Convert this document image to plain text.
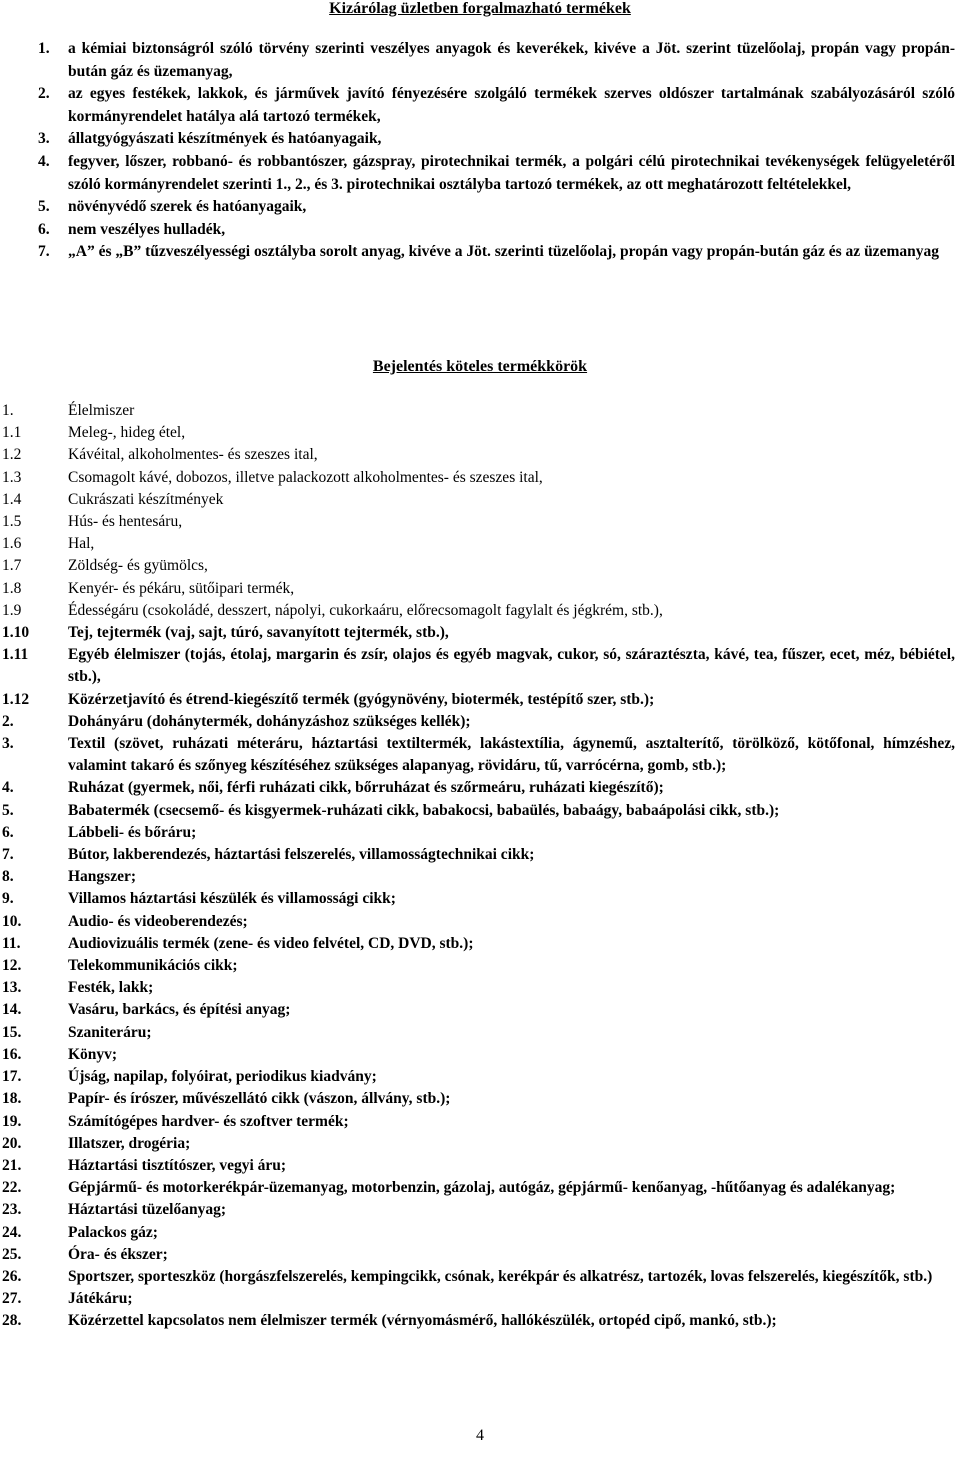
Kizárólag üzletben forgalmazható termékek
1.	a kémiai biztonságról szóló törvény szerinti veszélyes anyagok és keverékek, kivéve a Jöt. szerint tüzelőolaj, propán vagy propán-bután gáz és üzemanyag,
2.	az egyes festékek, lakkok, és járművek javító fényezésére szolgáló termékek szerves oldószer tartalmának szabályozásáról szóló kormányrendelet hatálya alá tartozó termékek,
3.	állatgyógyászati készítmények és hatóanyagaik,
4.	fegyver, lőszer, robbanó- és robbantószer, gázspray, pirotechnikai termék, a polgári célú pirotechnikai tevékenységek felügyeletéről szóló kormányrendelet szerinti 1., 2., és 3. pirotechnikai osztályba tartozó termékek, az ott meghatározott feltételekkel,
5.	növényvédő szerek és hatóanyagaik,
6.	nem veszélyes hulladék,
7.	„A” és „B” tűzveszélyességi osztályba sorolt anyag, kivéve a Jöt. szerinti tüzelőolaj, propán vagy propán-bután gáz és az üzemanyag
Bejelentés köteles termékkörök
1.	Élelmiszer
1.1	Meleg-, hideg étel,
1.2	Kávéital, alkoholmentes- és szeszes ital,
1.3	Csomagolt kávé, dobozos, illetve palackozott alkoholmentes- és szeszes ital,
1.4	Cukrászati készítmények
1.5	Hús- és hentesáru,
1.6	Hal,
1.7	Zöldség- és gyümölcs,
1.8	Kenyér- és pékáru, sütőipari termék,
1.9	Édességáru (csokoládé, desszert, nápolyi, cukorkaáru, előrecsomagolt fagylalt és jégkrém, stb.),
1.10	Tej, tejtermék (vaj, sajt, túró, savanyított tejtermék, stb.),
1.11	Egyéb élelmiszer (tojás, étolaj, margarin és zsír, olajos és egyéb magvak, cukor, só, száraztészta, kávé, tea, fűszer, ecet, méz, bébiétel, stb.),
1.12	Közérzetjavító és étrend-kiegészítő termék (gyógynövény, biotermék, testépítő szer, stb.);
2.	Dohányáru (dohánytermék, dohányzáshoz szükséges kellék);
3.	Textil (szövet, ruházati méteráru, háztartási textiltermék, lakástextília, ágynemű, asztalterítő, törölköző, kötőfonal, hímzéshez, valamint takaró és szőnyeg készítéséhez szükséges alapanyag, rövidáru, tű, varrócérna, gomb, stb.);
4.	Ruházat (gyermek, női, férfi ruházati cikk, bőrruházat és szőrmeáru, ruházati kiegészítő);
5.	Babatermék (csecsemő- és kisgyermek-ruházati cikk, babakocsi, babaülés, babaágy, babaápolási cikk, stb.);
6.	Lábbeli- és bőráru;
7.	Bútor, lakberendezés, háztartási felszerelés, villamosságtechnikai cikk;
8.	Hangszer;
9.	Villamos háztartási készülék és villamossági cikk;
10.	Audio- és videoberendezés;
11.	Audiovizuális termék (zene- és video felvétel, CD, DVD, stb.);
12.	Telekommunikációs cikk;
13.	Festék, lakk;
14.	Vasáru, barkács, és építési anyag;
15.	Szaniteráru;
16.	Könyv;
17.	Újság, napilap, folyóirat, periodikus kiadvány;
18.	Papír- és írószer, művészellátó cikk (vászon, állvány, stb.);
19.	Számítógépes hardver- és szoftver termék;
20.	Illatszer, drogéria;
21.	Háztartási tisztítószer, vegyi áru;
22.	Gépjármű- és motorkerékpár-üzemanyag, motorbenzin, gázolaj, autógáz, gépjármű- kenőanyag, -hűtőanyag és adalékanyag;
23.	Háztartási tüzelőanyag;
24.	Palackos gáz;
25.	Óra- és ékszer;
26.	Sportszer, sporteszköz (horgászfelszerelés, kempingcikk, csónak, kerékpár és alkatrész, tartozék, lovas felszerelés, kiegészítők, stb.)
27.	Játékáru;
28.	Közérzettel kapcsolatos nem élelmiszer termék (vérnyomásmérő, hallókészülék, ortopéd cipő, mankó, stb.);
4
